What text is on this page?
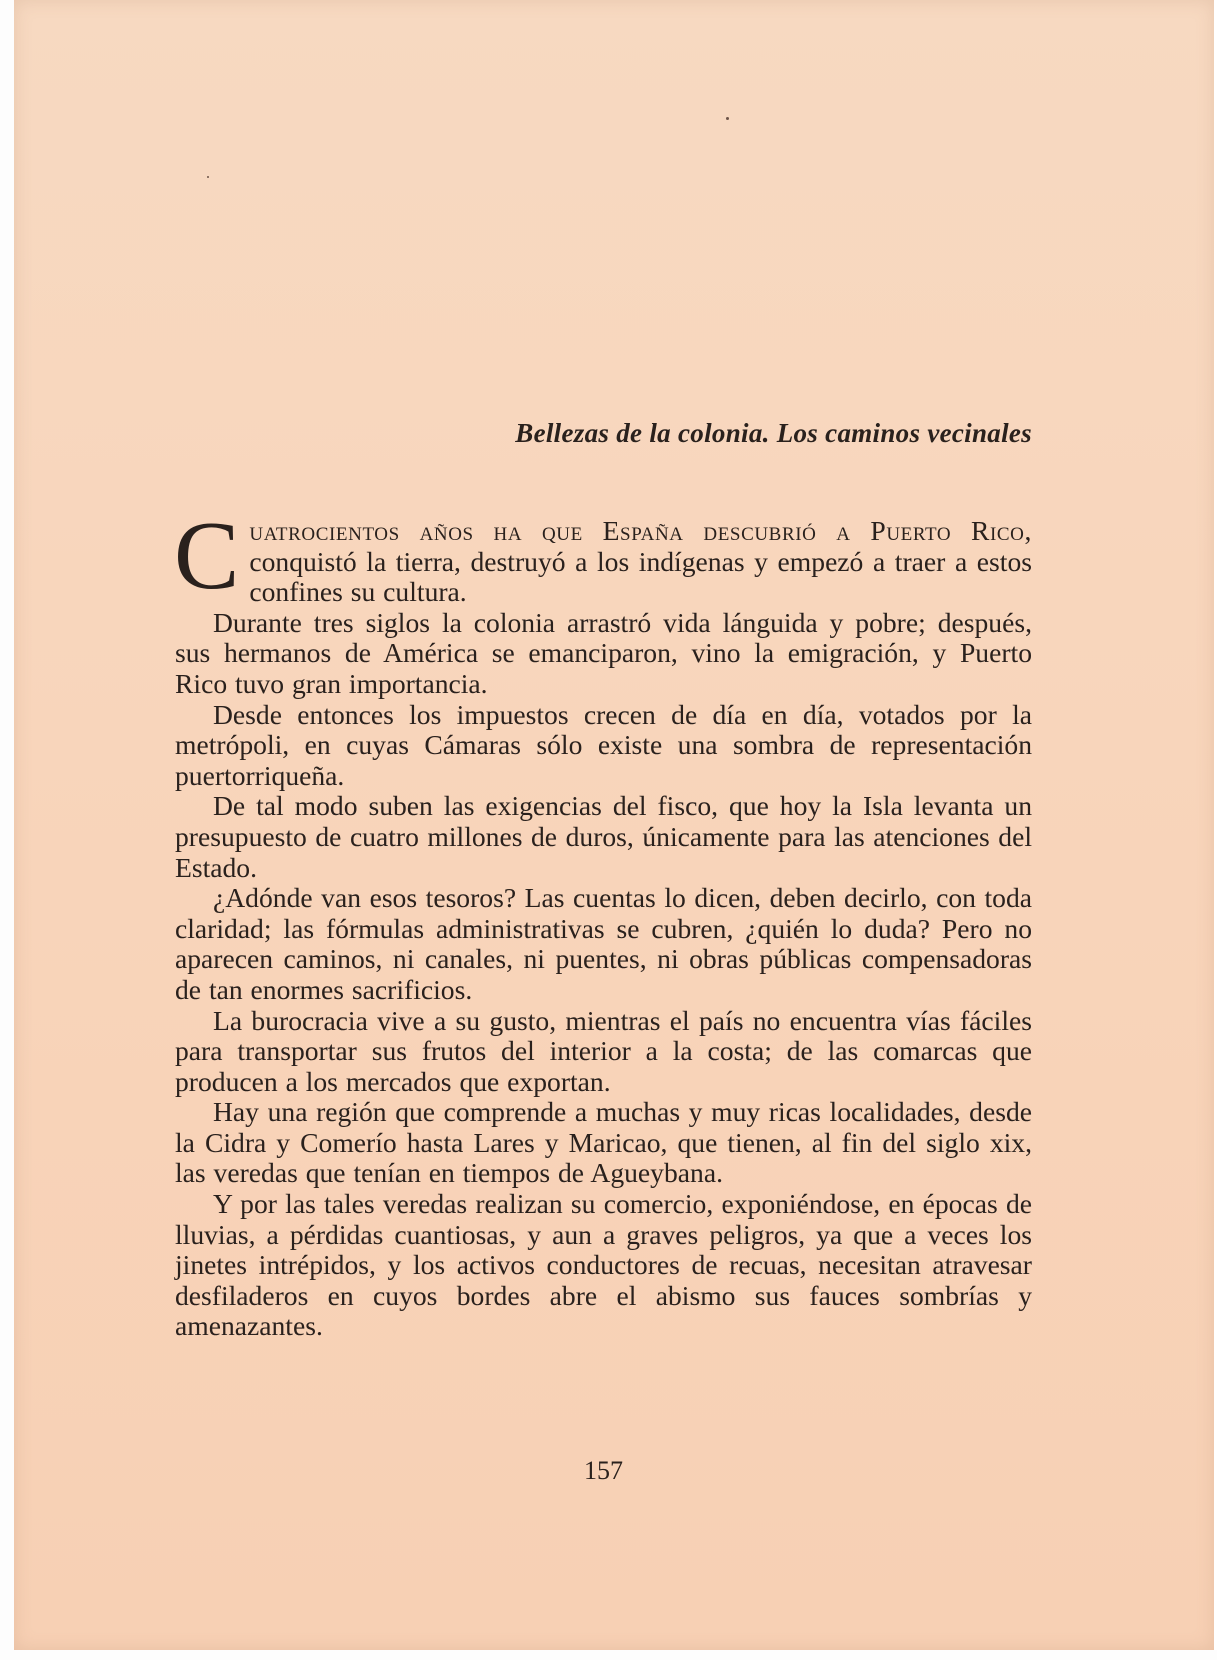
Bellezas de la colonia. Los caminos vecinales

Cuatrocientos años ha que España descubrió a Puerto Rico, conquistó la tierra, destruyó a los indígenas y empezó a traer a estos confines su cultura.

Durante tres siglos la colonia arrastró vida lánguida y pobre; después, sus hermanos de América se emanciparon, vino la emigración, y Puerto Rico tuvo gran importancia.

Desde entonces los impuestos crecen de día en día, votados por la metrópoli, en cuyas Cámaras sólo existe una sombra de representación puertorriqueña.

De tal modo suben las exigencias del fisco, que hoy la Isla levanta un presupuesto de cuatro millones de duros, únicamente para las atenciones del Estado.

¿Adónde van esos tesoros? Las cuentas lo dicen, deben decirlo, con toda claridad; las fórmulas administrativas se cubren, ¿quién lo duda? Pero no aparecen caminos, ni canales, ni puentes, ni obras públicas compensadoras de tan enormes sacrificios.

La burocracia vive a su gusto, mientras el país no encuentra vías fáciles para transportar sus frutos del interior a la costa; de las comarcas que producen a los mercados que exportan.

Hay una región que comprende a muchas y muy ricas localidades, desde la Cidra y Comerío hasta Lares y Maricao, que tienen, al fin del siglo xix, las veredas que tenían en tiempos de Agueybana.

Y por las tales veredas realizan su comercio, exponiéndose, en épocas de lluvias, a pérdidas cuantiosas, y aun a graves peligros, ya que a veces los jinetes intrépidos, y los activos conductores de recuas, necesitan atravesar desfiladeros en cuyos bordes abre el abismo sus fauces sombrías y amenazantes.

157
